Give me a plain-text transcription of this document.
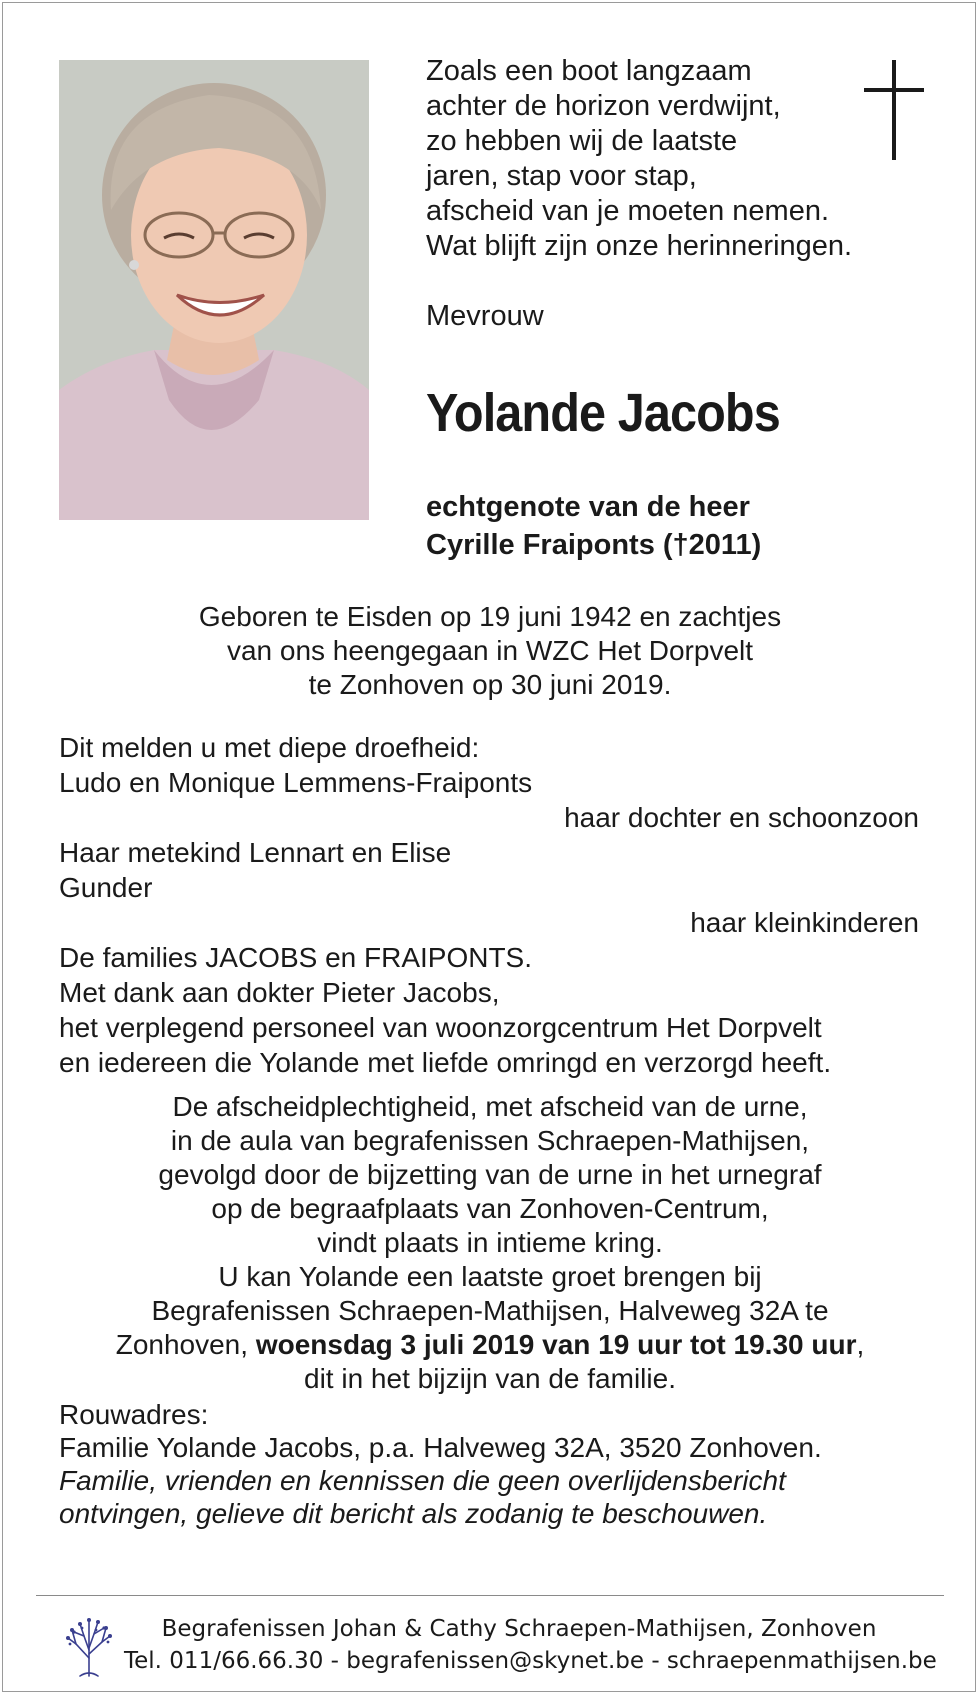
Zoals een boot langzaam
achter de horizon verdwijnt,
zo hebben wij de laatste
jaren, stap voor stap,
afscheid van je moeten nemen.
Wat blijft zijn onze herinneringen.
Mevrouw
Yolande Jacobs
echtgenote van de heer
Cyrille Fraiponts (†2011)
Geboren te Eisden op 19 juni 1942 en zachtjes
van ons heengegaan in WZC Het Dorpvelt
te Zonhoven op 30 juni 2019.
Dit melden u met diepe droefheid:
Ludo en Monique Lemmens-Fraiponts
haar dochter en schoonzoon
Haar metekind Lennart en Elise
Gunder
haar kleinkinderen
De families JACOBS en FRAIPONTS.
Met dank aan dokter Pieter Jacobs,
het verplegend personeel van woonzorgcentrum Het Dorpvelt
en iedereen die Yolande met liefde omringd en verzorgd heeft.
De afscheidplechtigheid, met afscheid van de urne,
in de aula van begrafenissen Schraepen-Mathijsen,
gevolgd door de bijzetting van de urne in het urnegraf
op de begraafplaats van Zonhoven-Centrum,
vindt plaats in intieme kring.
U kan Yolande een laatste groet brengen bij
Begrafenissen Schraepen-Mathijsen, Halveweg 32A te
Zonhoven, woensdag 3 juli 2019 van 19 uur tot 19.30 uur,
dit in het bijzijn van de familie.
Rouwadres:
Familie Yolande Jacobs, p.a. Halveweg 32A, 3520 Zonhoven.
Familie, vrienden en kennissen die geen overlijdensbericht
ontvingen, gelieve dit bericht als zodanig te beschouwen.
Begrafenissen Johan & Cathy Schraepen-Mathijsen, Zonhoven
Tel. 011/66.66.30 - begrafenissen@skynet.be - schraepenmathijsen.be
